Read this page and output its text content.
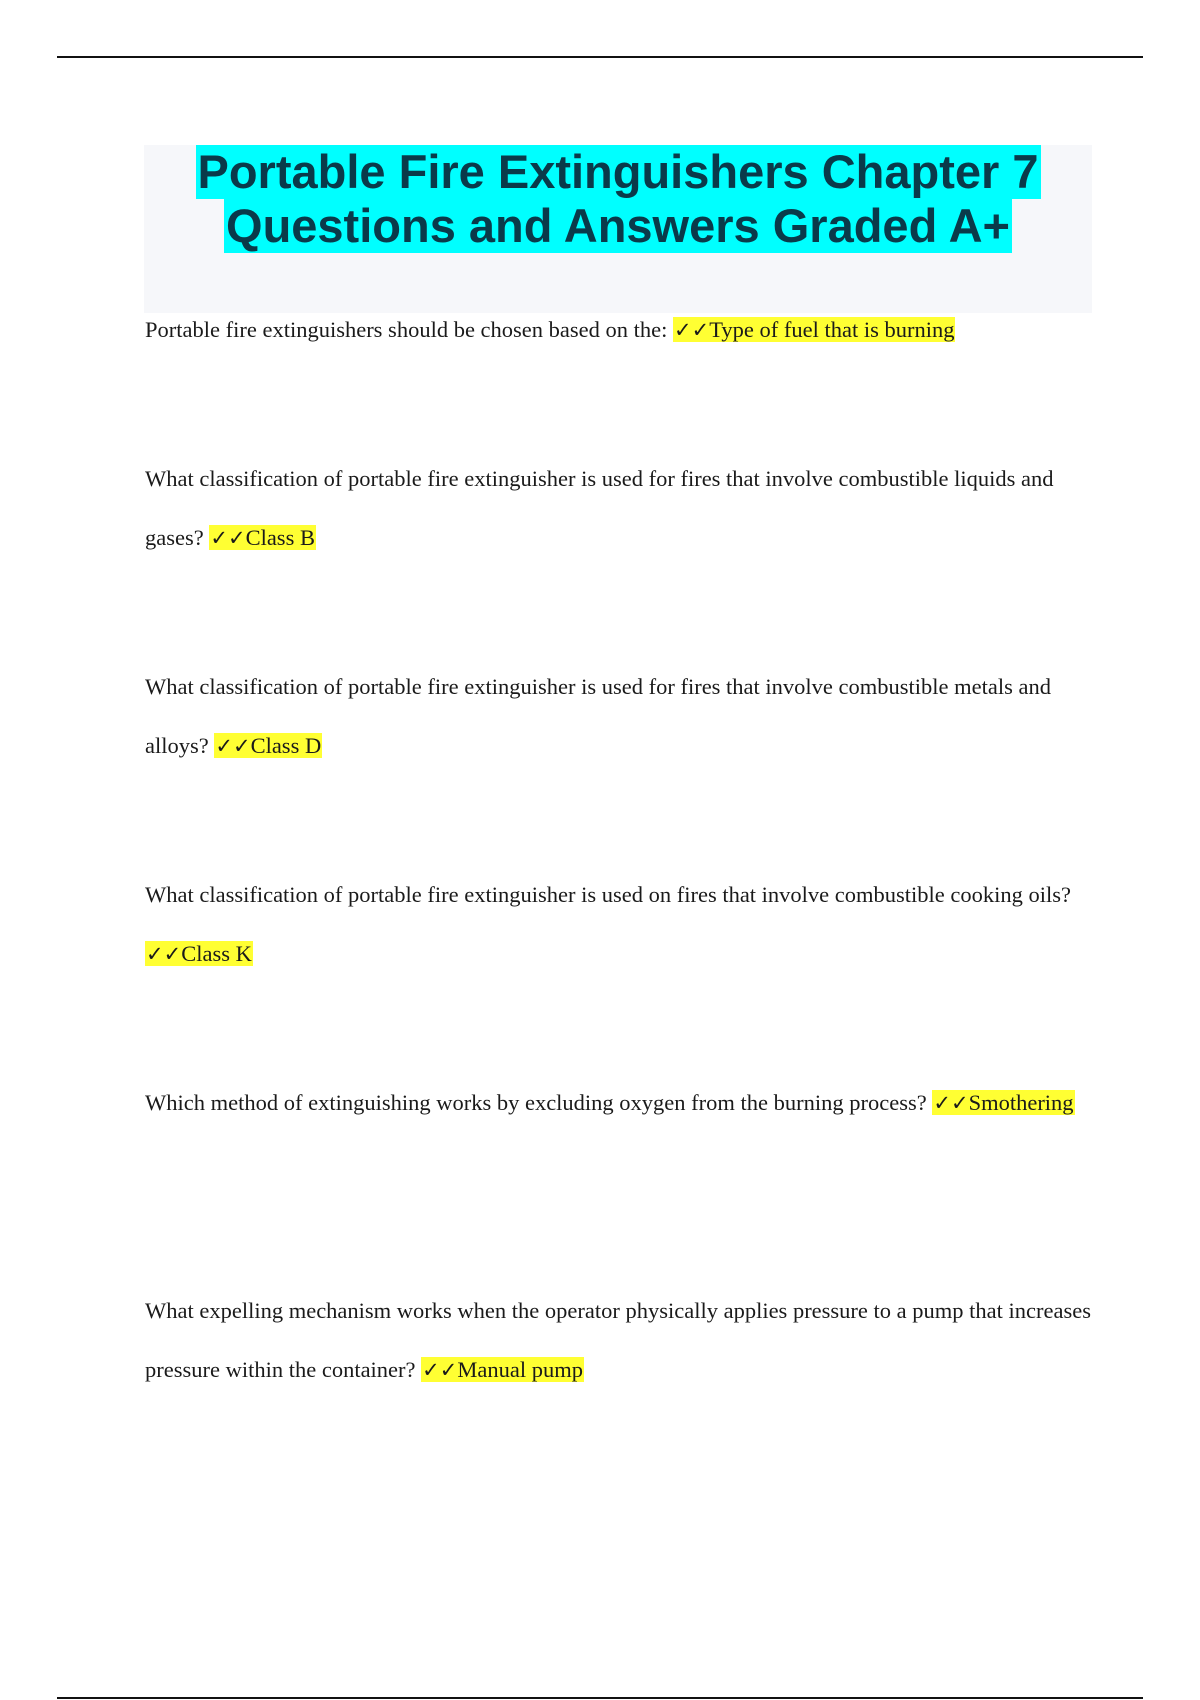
Portable Fire Extinguishers Chapter 7
Questions and Answers Graded A+
Portable fire extinguishers should be chosen based on the: ✓✓Type of fuel that is burning
What classification of portable fire extinguisher is used for fires that involve combustible liquids and gases? ✓✓Class B
What classification of portable fire extinguisher is used for fires that involve combustible metals and alloys? ✓✓Class D
What classification of portable fire extinguisher is used on fires that involve combustible cooking oils? ✓✓Class K
Which method of extinguishing works by excluding oxygen from the burning process? ✓✓Smothering
What expelling mechanism works when the operator physically applies pressure to a pump that increases pressure within the container? ✓✓Manual pump
